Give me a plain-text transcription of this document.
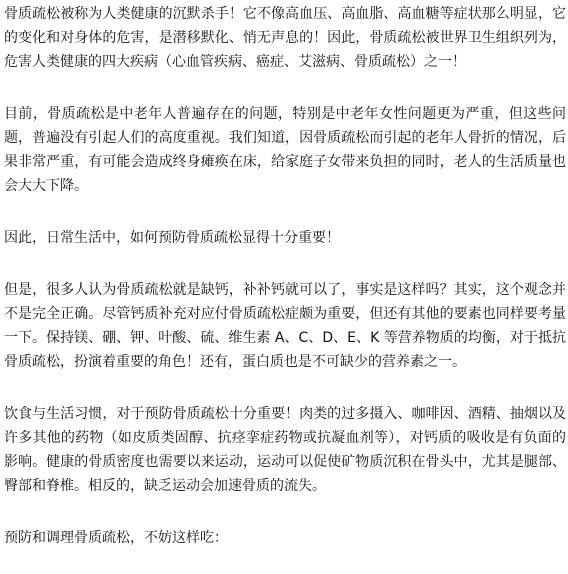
骨质疏松被称为人类健康的沉默杀手！它不像高血压、高血脂、高血糖等症状那么明显，它的变化和对身体的危害，是潜移默化、悄无声息的！因此，骨质疏松被世界卫生组织列为，危害人类健康的四大疾病（心血管疾病、癌症、艾滋病、骨质疏松）之一！

目前，骨质疏松是中老年人普遍存在的问题，特别是中老年女性问题更为严重，但这些问题，普遍没有引起人们的高度重视。我们知道，因骨质疏松而引起的老年人骨折的情况，后果非常严重，有可能会造成终身瘫痪在床，给家庭子女带来负担的同时，老人的生活质量也会大大下降。

因此，日常生活中，如何预防骨质疏松显得十分重要！

但是，很多人认为骨质疏松就是缺钙，补补钙就可以了，事实是这样吗？其实，这个观念并不是完全正确。尽管钙质补充对应付骨质疏松症颇为重要，但还有其他的要素也同样要考量一下。保持镁、硼、钾、叶酸、硫、维生素 A、C、D、E、K 等营养物质的均衡，对于抵抗骨质疏松，扮演着重要的角色！还有，蛋白质也是不可缺少的营养素之一。

饮食与生活习惯，对于预防骨质疏松十分重要！肉类的过多摄入、咖啡因、酒精、抽烟以及许多其他的药物（如皮质类固醇、抗痉挛症药物或抗凝血剂等），对钙质的吸收是有负面的影响。健康的骨质密度也需要以来运动，运动可以促使矿物质沉积在骨头中，尤其是腿部、臀部和脊椎。相反的，缺乏运动会加速骨质的流失。

预防和调理骨质疏松，不妨这样吃：
